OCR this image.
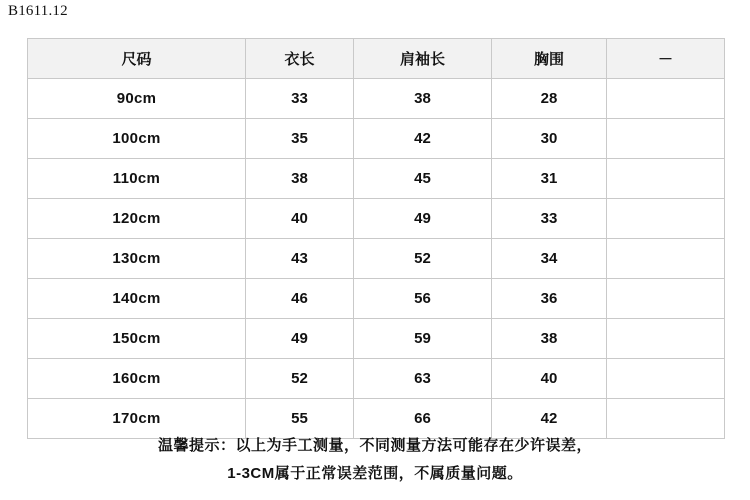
B1611.12
尺码	衣长	肩袖长	胸围	－
90cm	33	38	28	
100cm	35	42	30	
110cm	38	45	31	
120cm	40	49	33	
130cm	43	52	34	
140cm	46	56	36	
150cm	49	59	38	
160cm	52	63	40	
170cm	55	66	42	
温馨提示：以上为手工测量，不同测量方法可能存在少许误差，
1-3CM属于正常误差范围，不属质量问题。
